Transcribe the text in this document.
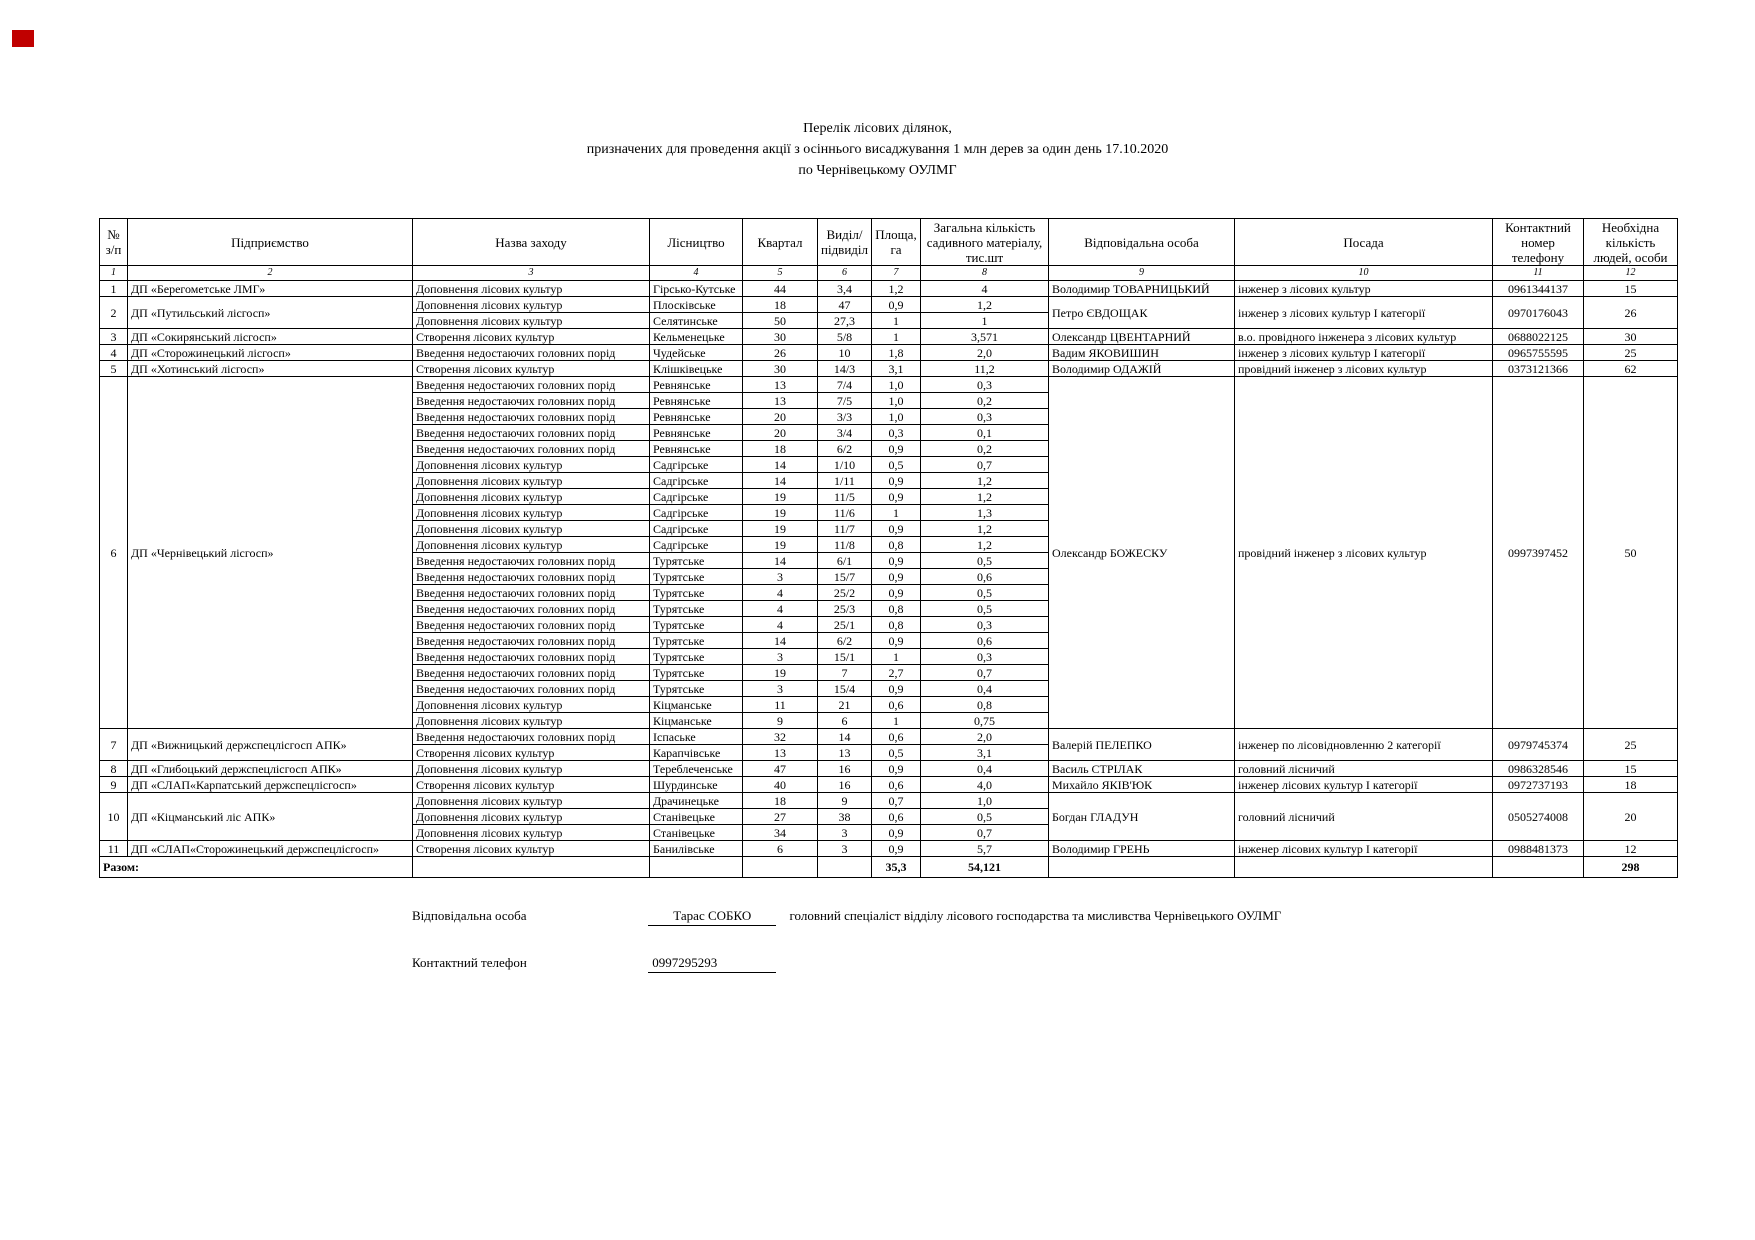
Перелік лісових ділянок,
призначених для проведення акції з осіннього висаджування 1 млн дерев за один день 17.10.2020
по Чернівецькому ОУЛМГ
№ з/п	Підприємство	Назва заходу	Лісництво	Квартал	Виділ/ підвиділ	Площа, га	Загальна кількість садивного матеріалу, тис.шт	Відповідальна особа	Посада	Контактний номер телефону	Необхідна кількість людей, особи
1	2	3	4	5	6	7	8	9	10	11	12
1	ДП «Берегометське ЛМГ»	Доповнення лісових культур	Гірсько-Кутське	44	3,4	1,2	4	Володимир ТОВАРНИЦЬКИЙ	інженер з лісових культур	0961344137	15
2	ДП «Путильський лісгосп»	Доповнення лісових культур	Плосківське	18	47	0,9	1,2	Петро ЄВДОЩАК	інженер з лісових культур І категорії	0970176043	26
		Доповнення лісових культур	Селятинське	50	27,3	1	1				
3	ДП «Сокирянський лісгосп»	Створення лісових культур	Кельменецьке	30	5/8	1	3,571	Олександр ЦВЕНТАРНИЙ	в.о. провідного інженера з лісових культур	0688022125	30
4	ДП «Сторожинецький лісгосп»	Введення недостаючих головних порід	Чудейське	26	10	1,8	2,0	Вадим ЯКОВИШИН	інженер з лісових культур І категорії	0965755595	25
5	ДП «Хотинський лісгосп»	Створення лісових культур	Клішківецьке	30	14/3	3,1	11,2	Володимир ОДАЖІЙ	провідний інженер з лісових культур	0373121366	62
6	ДП «Чернівецький лісгосп»	Введення недостаючих головних порід	Ревнянське	13	7/4	1,0	0,3	Олександр БОЖЕСКУ	провідний інженер з лісових культур	0997397452	50
		Введення недостаючих головних порід	Ревнянське	13	7/5	1,0	0,2				
		Введення недостаючих головних порід	Ревнянське	20	3/3	1,0	0,3				
		Введення недостаючих головних порід	Ревнянське	20	3/4	0,3	0,1				
		Введення недостаючих головних порід	Ревнянське	18	6/2	0,9	0,2				
		Доповнення лісових культур	Садгірське	14	1/10	0,5	0,7				
		Доповнення лісових культур	Садгірське	14	1/11	0,9	1,2				
		Доповнення лісових культур	Садгірське	19	11/5	0,9	1,2				
		Доповнення лісових культур	Садгірське	19	11/6	1	1,3				
		Доповнення лісових культур	Садгірське	19	11/7	0,9	1,2				
		Доповнення лісових культур	Садгірське	19	11/8	0,8	1,2				
		Введення недостаючих головних порід	Турятське	14	6/1	0,9	0,5				
		Введення недостаючих головних порід	Турятське	3	15/7	0,9	0,6				
		Введення недостаючих головних порід	Турятське	4	25/2	0,9	0,5				
		Введення недостаючих головних порід	Турятське	4	25/3	0,8	0,5				
		Введення недостаючих головних порід	Турятське	4	25/1	0,8	0,3				
		Введення недостаючих головних порід	Турятське	14	6/2	0,9	0,6				
		Введення недостаючих головних порід	Турятське	3	15/1	1	0,3				
		Введення недостаючих головних порід	Турятське	19	7	2,7	0,7				
		Введення недостаючих головних порід	Турятське	3	15/4	0,9	0,4				
		Доповнення лісових культур	Кіцманське	11	21	0,6	0,8				
		Доповнення лісових культур	Кіцманське	9	6	1	0,75				
7	ДП «Вижницький держспецлісгосп АПК»	Введення недостаючих головних порід	Іспаське	32	14	0,6	2,0	Валерій ПЕЛЕПКО	інженер по лісовідновленню 2 категорії	0979745374	25
		Створення лісових культур	Карапчівське	13	13	0,5	3,1				
8	ДП «Глибоцький держспецлісгосп АПК»	Доповнення лісових культур	Тереблеченське	47	16	0,9	0,4	Василь СТРІЛАК	головний лісничий	0986328546	15
9	ДП «СЛАП«Карпатський держспецлісгосп»	Створення лісових культур	Шурдинське	40	16	0,6	4,0	Михайло ЯКІВ'ЮК	інженер лісових культур І категорії	0972737193	18
10	ДП «Кіцманський ліс АПК»	Доповнення лісових культур	Драчинецьке	18	9	0,7	1,0	Богдан ГЛАДУН	головний лісничий	0505274008	20
		Доповнення лісових культур	Станівецьке	27	38	0,6	0,5				
		Доповнення лісових культур	Станівецьке	34	3	0,9	0,7				
11	ДП «СЛАП«Сторожинецький держспецлісгосп»	Створення лісових культур	Банилівське	6	3	0,9	5,7	Володимир ГРЕНЬ	інженер лісових культур І категорії	0988481373	12
Разом:						35,3	54,121				298
Відповідальна особа	Тарас СОБКО	головний спеціаліст відділу лісового господарства та мисливства Чернівецького ОУЛМГ
Контактний телефон	0997295293
